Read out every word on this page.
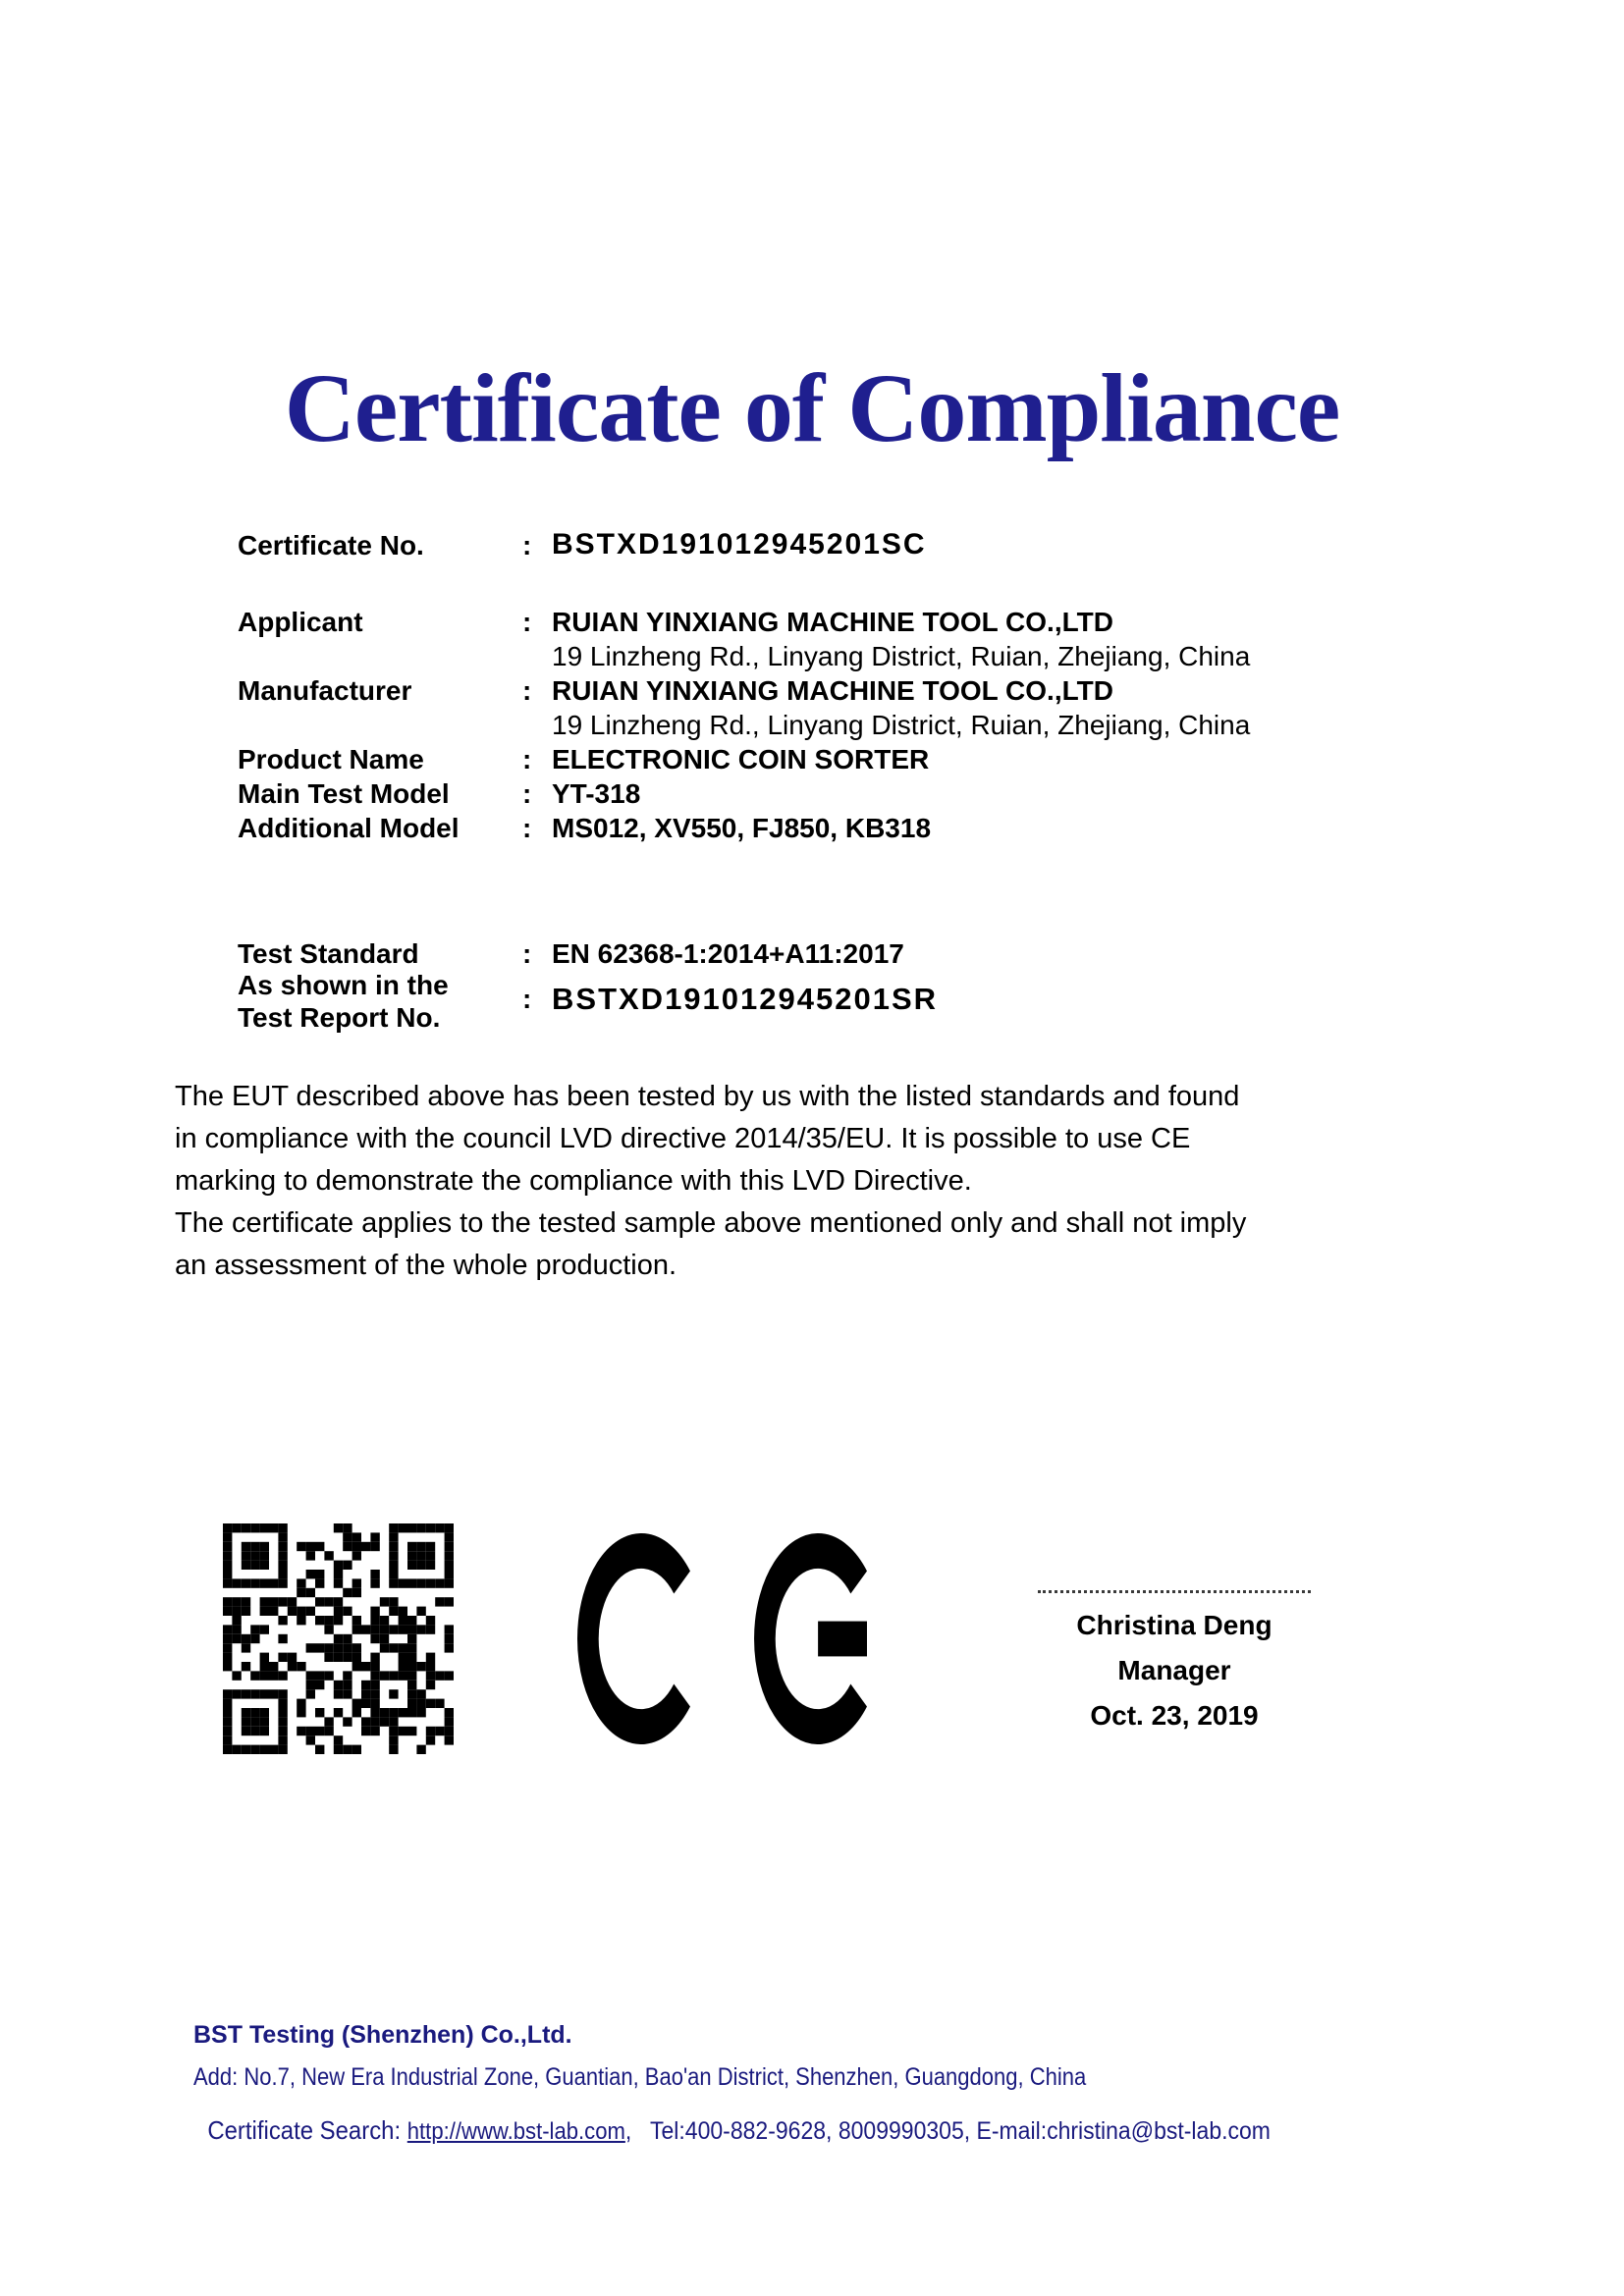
Certificate of Compliance
Certificate No.	: BSTXD191012945201SC
Applicant	: RUIAN YINXIANG MACHINE TOOL CO.,LTD
19 Linzheng Rd., Linyang District, Ruian, Zhejiang, China
Manufacturer	: RUIAN YINXIANG MACHINE TOOL CO.,LTD
19 Linzheng Rd., Linyang District, Ruian, Zhejiang, China
Product Name	: ELECTRONIC COIN SORTER
Main Test Model	: YT-318
Additional Model : MS012, XV550, FJ850, KB318
Test Standard	: EN 62368-1:2014+A11:2017
As shown in the
Test Report No.
: BSTXD191012945201SR
The EUT described above has been tested by us with the listed standards and found
in compliance with the council LVD directive 2014/35/EU. It is possible to use CE
marking to demonstrate the compliance with this LVD Directive.
The certificate applies to the tested sample above mentioned only and shall not imply
an assessment of the whole production.
Christina Deng
Manager
Oct. 23, 2019
BST Testing (Shenzhen) Co.,Ltd.
Add: No.7, New Era Industrial Zone, Guantian, Bao'an District, Shenzhen, Guangdong, China

Certificate Search: http://www.bst-lab.com,   Tel:400-882-9628, 8009990305, E-mail:christina@bst-lab.com
